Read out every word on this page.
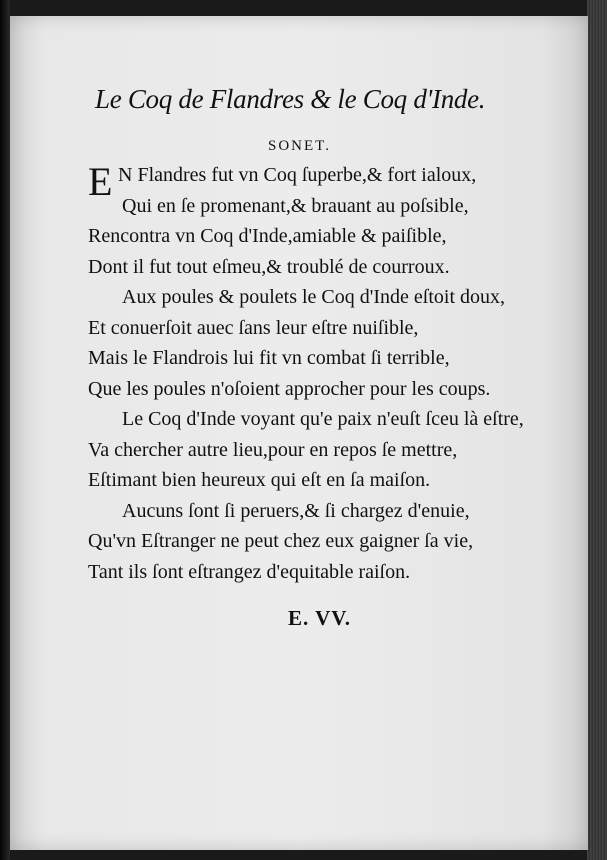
Le Coq de Flandres & le Coq d'Inde.
SONET.
E N Flandres fut vn Coq ſuperbe,& fort ialoux,
Qui en ſe promenant,& brauant au poſsible,
Rencontra vn Coq d'Inde,amiable & paiſible,
Dont il fut tout eſmeu,& troublé de courroux.
Aux poules & poulets le Coq d'Inde eſtoit doux,
Et conuerſoit auec ſans leur eſtre nuiſible,
Mais le Flandrois lui fit vn combat ſi terrible,
Que les poules n'oſoient approcher pour les coups.
Le Coq d'Inde voyant qu'e paix n'euſt ſceu là eſtre,
Va chercher autre lieu,pour en repos ſe mettre,
Eſtimant bien heureux qui eſt en ſa maiſon.
Aucuns ſont ſi peruers,& ſi chargez d'enuie,
Qu'vn Eſtranger ne peut chez eux gaigner ſa vie,
Tant ils ſont eſtrangez d'equitable raiſon.
E. VV.
